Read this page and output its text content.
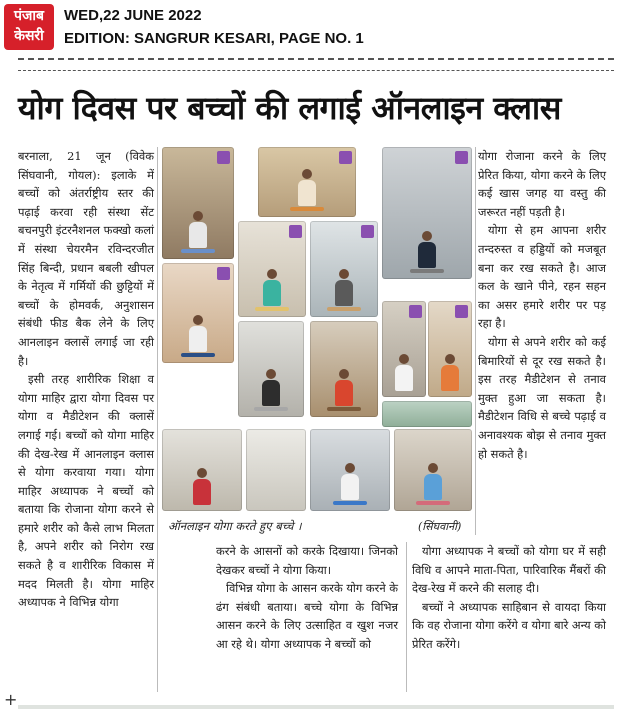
पंजाब
केसरी
WED,22 JUNE 2022
EDITION: SANGRUR KESARI, PAGE NO. 1
योग दिवस पर बच्चों की लगाई ऑनलाइन क्लास

बरनाला, 21 जून (विवेक सिंघवानी, गोयल): इलाके में बच्चों को अंतर्राष्ट्रीय स्तर की पढ़ाई करवा रही संस्था सेंट बचनपुरी इंटरनैशनल फक्खो कलां में संस्था चेयरमैन रविन्दरजीत सिंह बिन्दी, प्रधान बबली खीपल के नेतृत्व में गर्मियों की छुट्टियों में बच्चों के होमवर्क, अनुशासन संबंधी फीड बैक लेने के लिए आनलाइन क्लासें लगाई जा रही है।

इसी तरह शारीरिक शिक्षा व योगा माहिर द्वारा योगा दिवस पर योगा व मैडीटेशन की क्लासें लगाई गई। बच्चों को योगा माहिर की देख-रेख में आनलाइन क्लास से योगा करवाया गया। योगा माहिर अध्यापक ने बच्चों को बताया कि रोजाना योगा करने से हमारे शरीर को कैसे लाभ मिलता है, अपने शरीर को निरोग रख सकते है व शारीरिक विकास में मदद मिलती है। योगा माहिर अध्यापक ने विभिन्न योगा

ऑनलाइन योगा करते हुए बच्चे ।	(सिंघवानी)

करने के आसनों को करके दिखाया। जिनको देखकर बच्चों ने योगा किया।

विभिन्न योगा के आसन करके योग करने के ढंग संबंधी बताया। बच्चे योगा के विभिन्न आसन करने के लिए उत्साहित व खुश नजर आ रहे थे। योगा अध्यापक ने बच्चों को

योगा रोजाना करने के लिए प्रेरित किया, योगा करने के लिए कई खास जगह या वस्तु की जरूरत नहीं पड़ती है।

योगा से हम आपना शरीर तन्दरुस्त व हड्डियों को मजबूत बना कर रख सकते है। आज कल के खाने पीने, रहन सहन का असर हमारे शरीर पर पड़ रहा है।

योगा से अपने शरीर को कई बिमारियों से दूर रख सकते है। इस तरह मैडीटेशन से तनाव मुक्त हुआ जा सकता है। मैडीटेशन विधि से बच्चे पढ़ाई व अनावश्यक बोझ से तनाव मुक्त हो सकते है।

योगा अध्यापक ने बच्चों को योगा घर में सही विधि व आपने माता-पिता, पारिवारिक मैंबरों की देख-रेख में करने की सलाह दी।

बच्चों ने अध्यापक साहिबान से वायदा किया कि वह रोजाना योगा करेंगे व योगा बारे अन्य को प्रेरित करेंगे।

+
